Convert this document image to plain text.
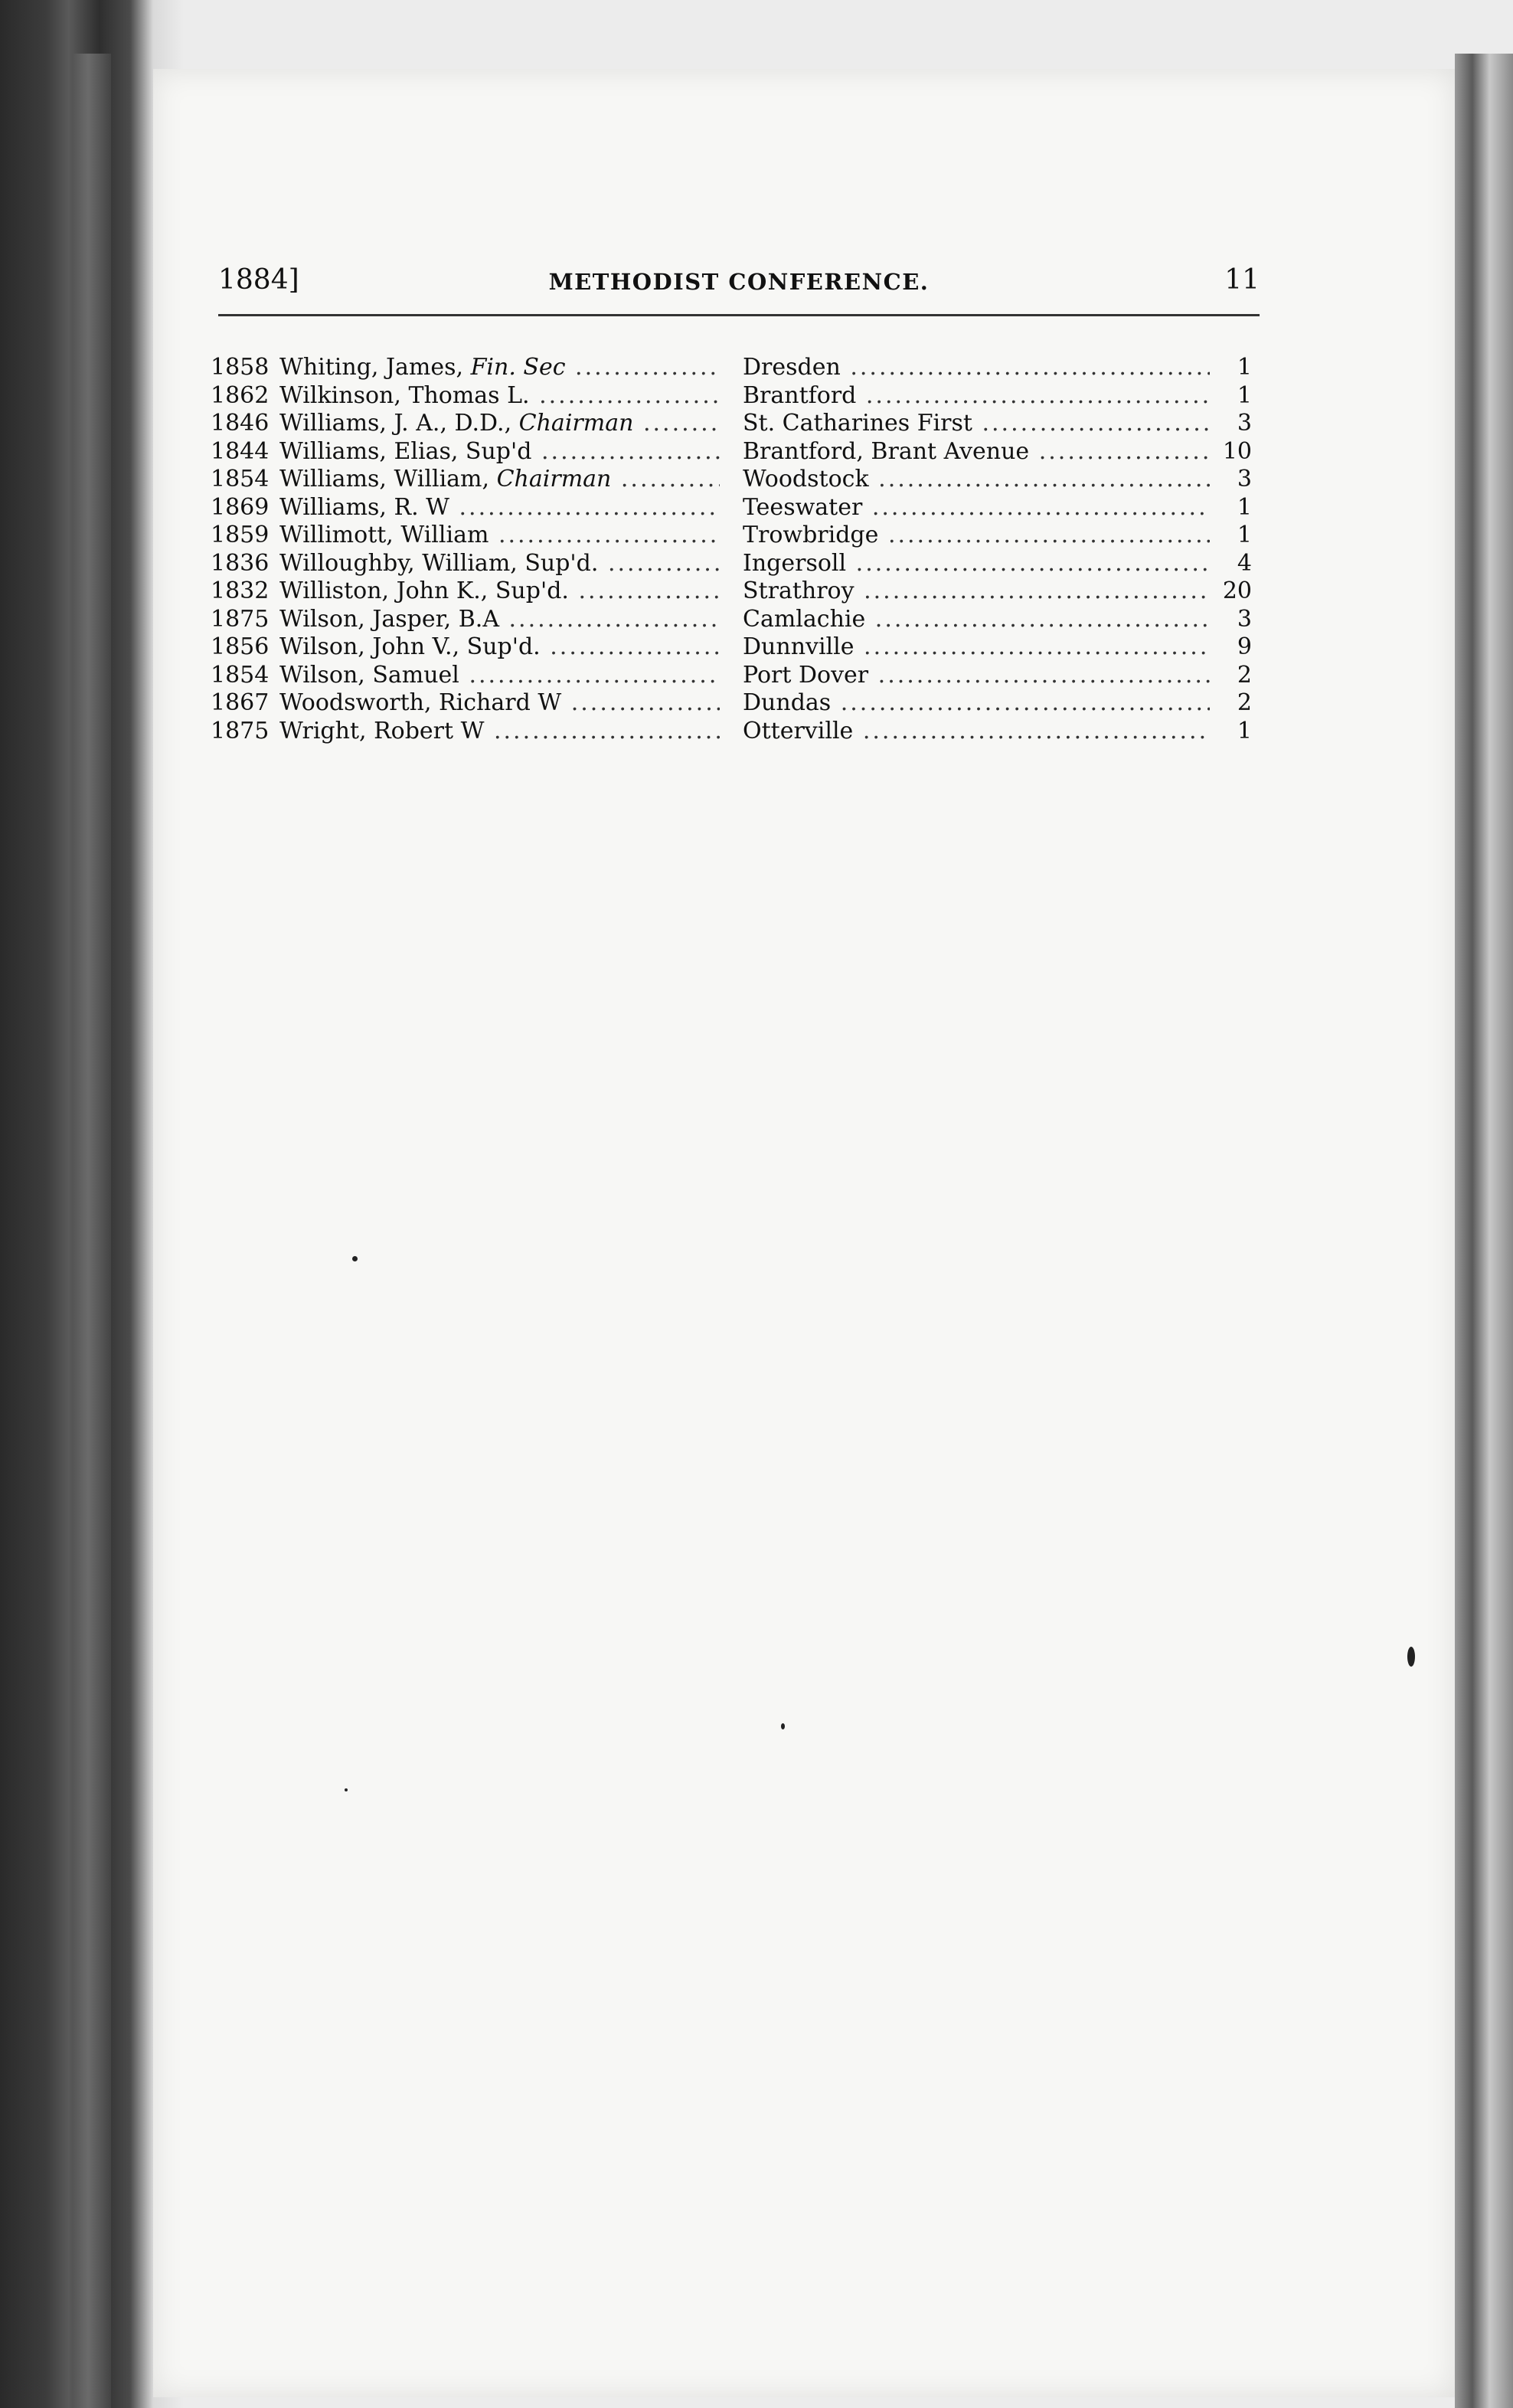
1884]	METHODIST CONFERENCE.	11
1858 Whiting, James, Fin. Sec .....	Dresden .....	1
1862 Wilkinson, Thomas L. .....	Brantford .....	1
1846 Williams, J. A., D.D., Chairman .....	St. Catharines First .....	3
1844 Williams, Elias, Sup'd .....	Brantford, Brant Avenue .....	10
1854 Williams, William, Chairman .....	Woodstock .....	3
1869 Williams, R. W .....	Teeswater .....	1
1859 Willimott, William .....	Trowbridge .....	1
1836 Willoughby, William, Sup'd. .....	Ingersoll .....	4
1832 Williston, John K., Sup'd. .....	Strathroy .....	20
1875 Wilson, Jasper, B.A .....	Camlachie .....	3
1856 Wilson, John V., Sup'd. .....	Dunnville .....	9
1854 Wilson, Samuel .....	Port Dover .....	2
1867 Woodsworth, Richard W .....	Dundas .....	2
1875 Wright, Robert W .....	Otterville .....	1
